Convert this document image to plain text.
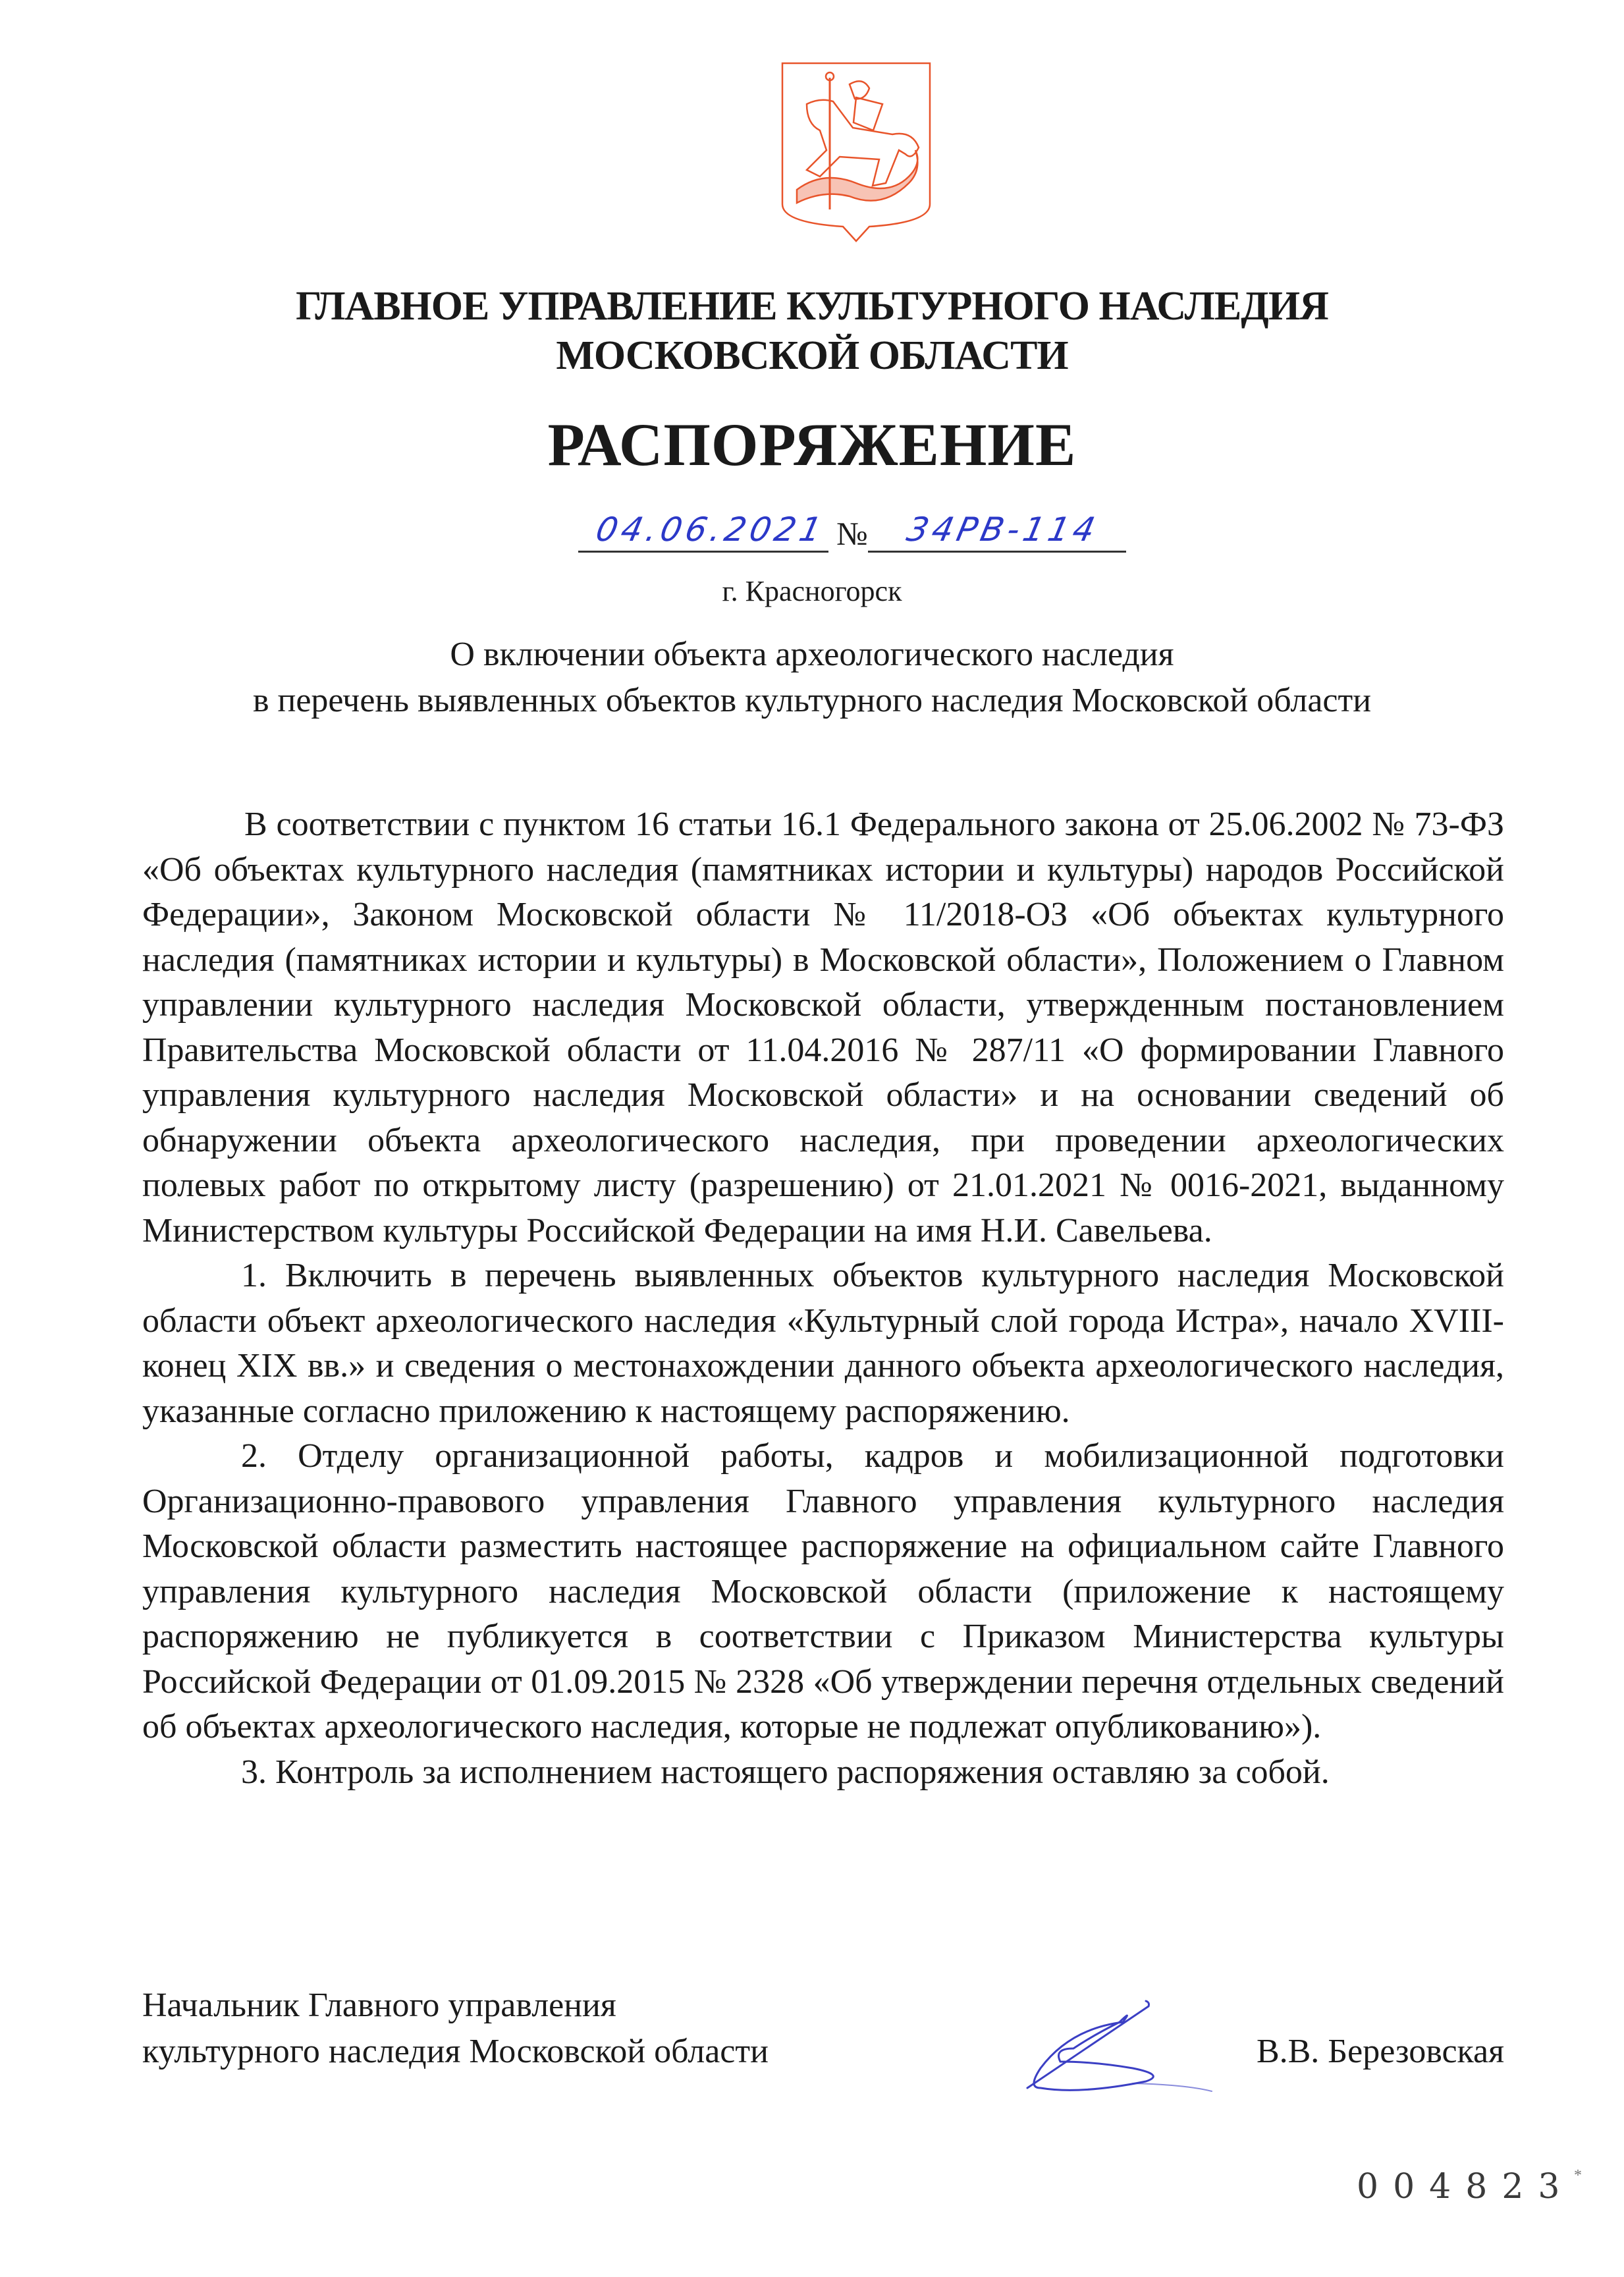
ГЛАВНОЕ УПРАВЛЕНИЕ КУЛЬТУРНОГО НАСЛЕДИЯ
МОСКОВСКОЙ ОБЛАСТИ
РАСПОРЯЖЕНИЕ
04.06.2021 № 34РВ-114
г. Красногорск
О включении объекта археологического наследия
в перечень выявленных объектов культурного наследия Московской области

В соответствии с пунктом 16 статьи 16.1 Федерального закона от 25.06.2002 № 73-ФЗ «Об объектах культурного наследия (памятниках истории и культуры) народов Российской Федерации», Законом Московской области № 11/2018-ОЗ «Об объектах культурного наследия (памятниках истории и культуры) в Московской области», Положением о Главном управлении культурного наследия Московской области, утвержденным постановлением Правительства Московской области от 11.04.2016 № 287/11 «О формировании Главного управления культурного наследия Московской области» и на основании сведений об обнаружении объекта археологического наследия, при проведении археологических полевых работ по открытому листу (разрешению) от 21.01.2021 № 0016-2021, выданному Министерством культуры Российской Федерации на имя Н.И. Савельева.

1. Включить в перечень выявленных объектов культурного наследия Московской области объект археологического наследия «Культурный слой города Истра», начало XVIII-конец XIX вв.» и сведения о местонахождении данного объекта археологического наследия, указанные согласно приложению к настоящему распоряжению.

2. Отделу организационной работы, кадров и мобилизационной подготовки Организационно-правового управления Главного управления культурного наследия Московской области разместить настоящее распоряжение на официальном сайте Главного управления культурного наследия Московской области (приложение к настоящему распоряжению не публикуется в соответствии с Приказом Министерства культуры Российской Федерации от 01.09.2015 № 2328 «Об утверждении перечня отдельных сведений об объектах археологического наследия, которые не подлежат опубликованию»).

3. Контроль за исполнением настоящего распоряжения оставляю за собой.

Начальник Главного управления
культурного наследия Московской области	В.В. Березовская
004823 *
